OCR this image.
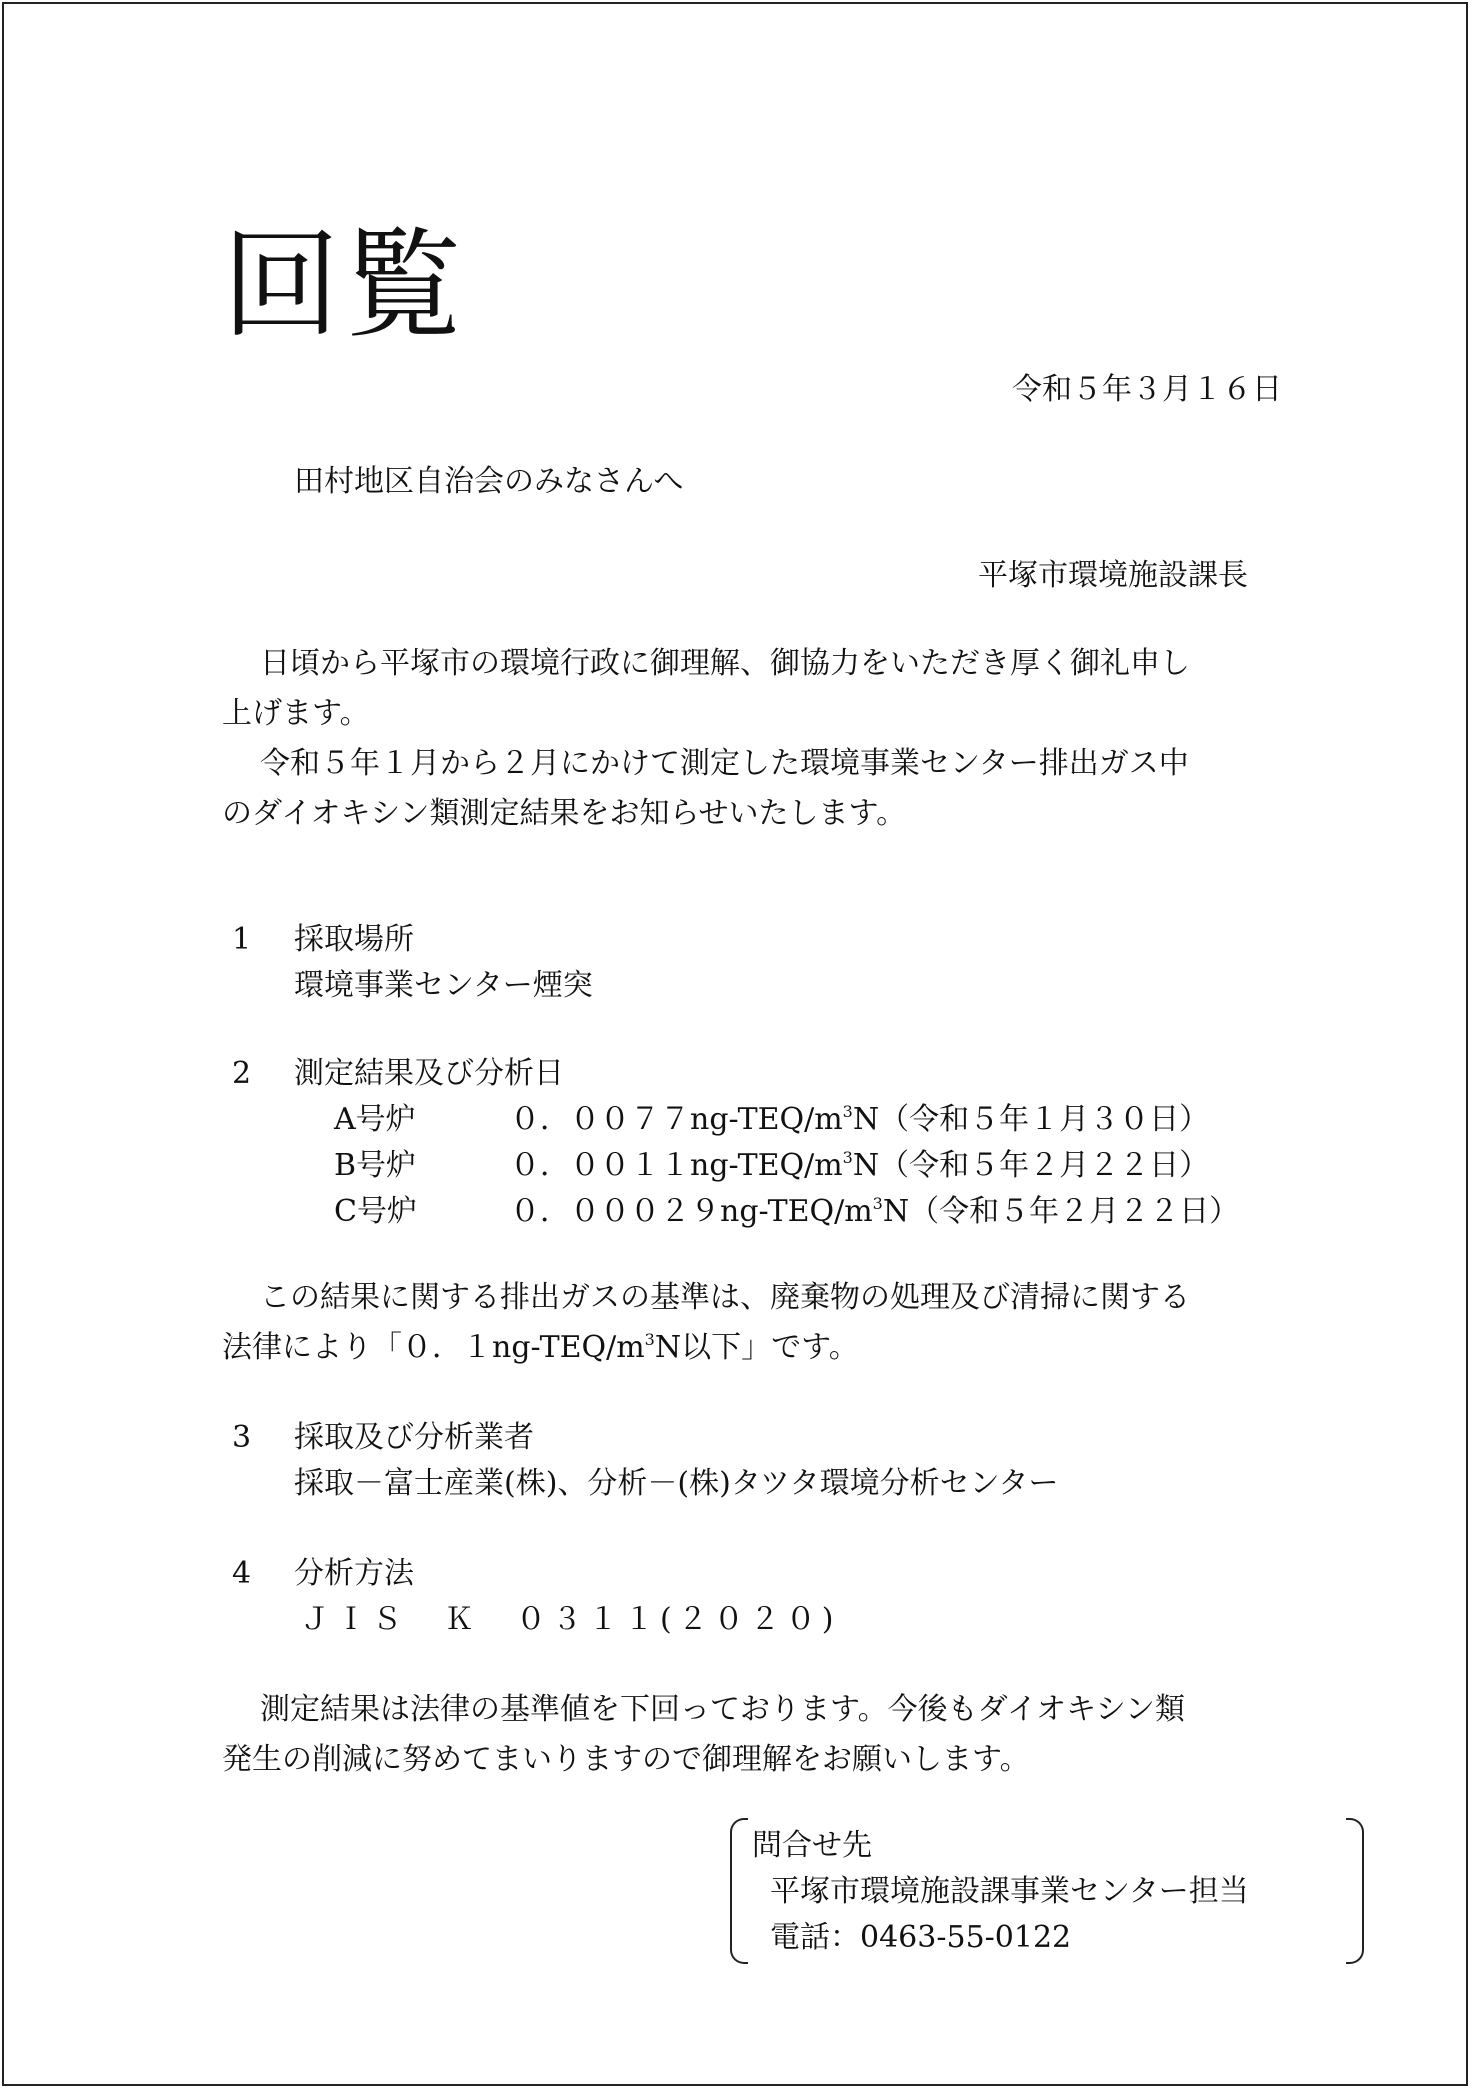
回覧
令和５年３月１６日
田村地区自治会のみなさんへ
平塚市環境施設課長
日頃から平塚市の環境行政に御理解、御協力をいただき厚く御礼申し
上げます。
令和５年１月から２月にかけて測定した環境事業センター排出ガス中
のダイオキシン類測定結果をお知らせいたします。
1 採取場所
環境事業センター煙突
2 測定結果及び分析日
A号炉	０．$0077ng-TEQ/m^3N$（令和５年１月３０日）
B号炉	０．$0011ng-TEQ/m^3N$（令和５年２月２２日）
C号炉	０．$00029ng-TEQ/m^3N$（令和５年２月２２日）
この結果に関する排出ガスの基準は、廃棄物の処理及び清掃に関する
法律により「０．$1ng-TEQ/m^3N$以下」です。
3 採取及び分析業者
採取－富士産業(株)、分析－(株)タツタ環境分析センター
4 分析方法
ＪＩＳ　Ｋ　０３１１(２０２０)
測定結果は法律の基準値を下回っております。今後もダイオキシン類
発生の削減に努めてまいりますので御理解をお願いします。
問合せ先
平塚市環境施設課事業センター担当
電話：0463-55-0122
